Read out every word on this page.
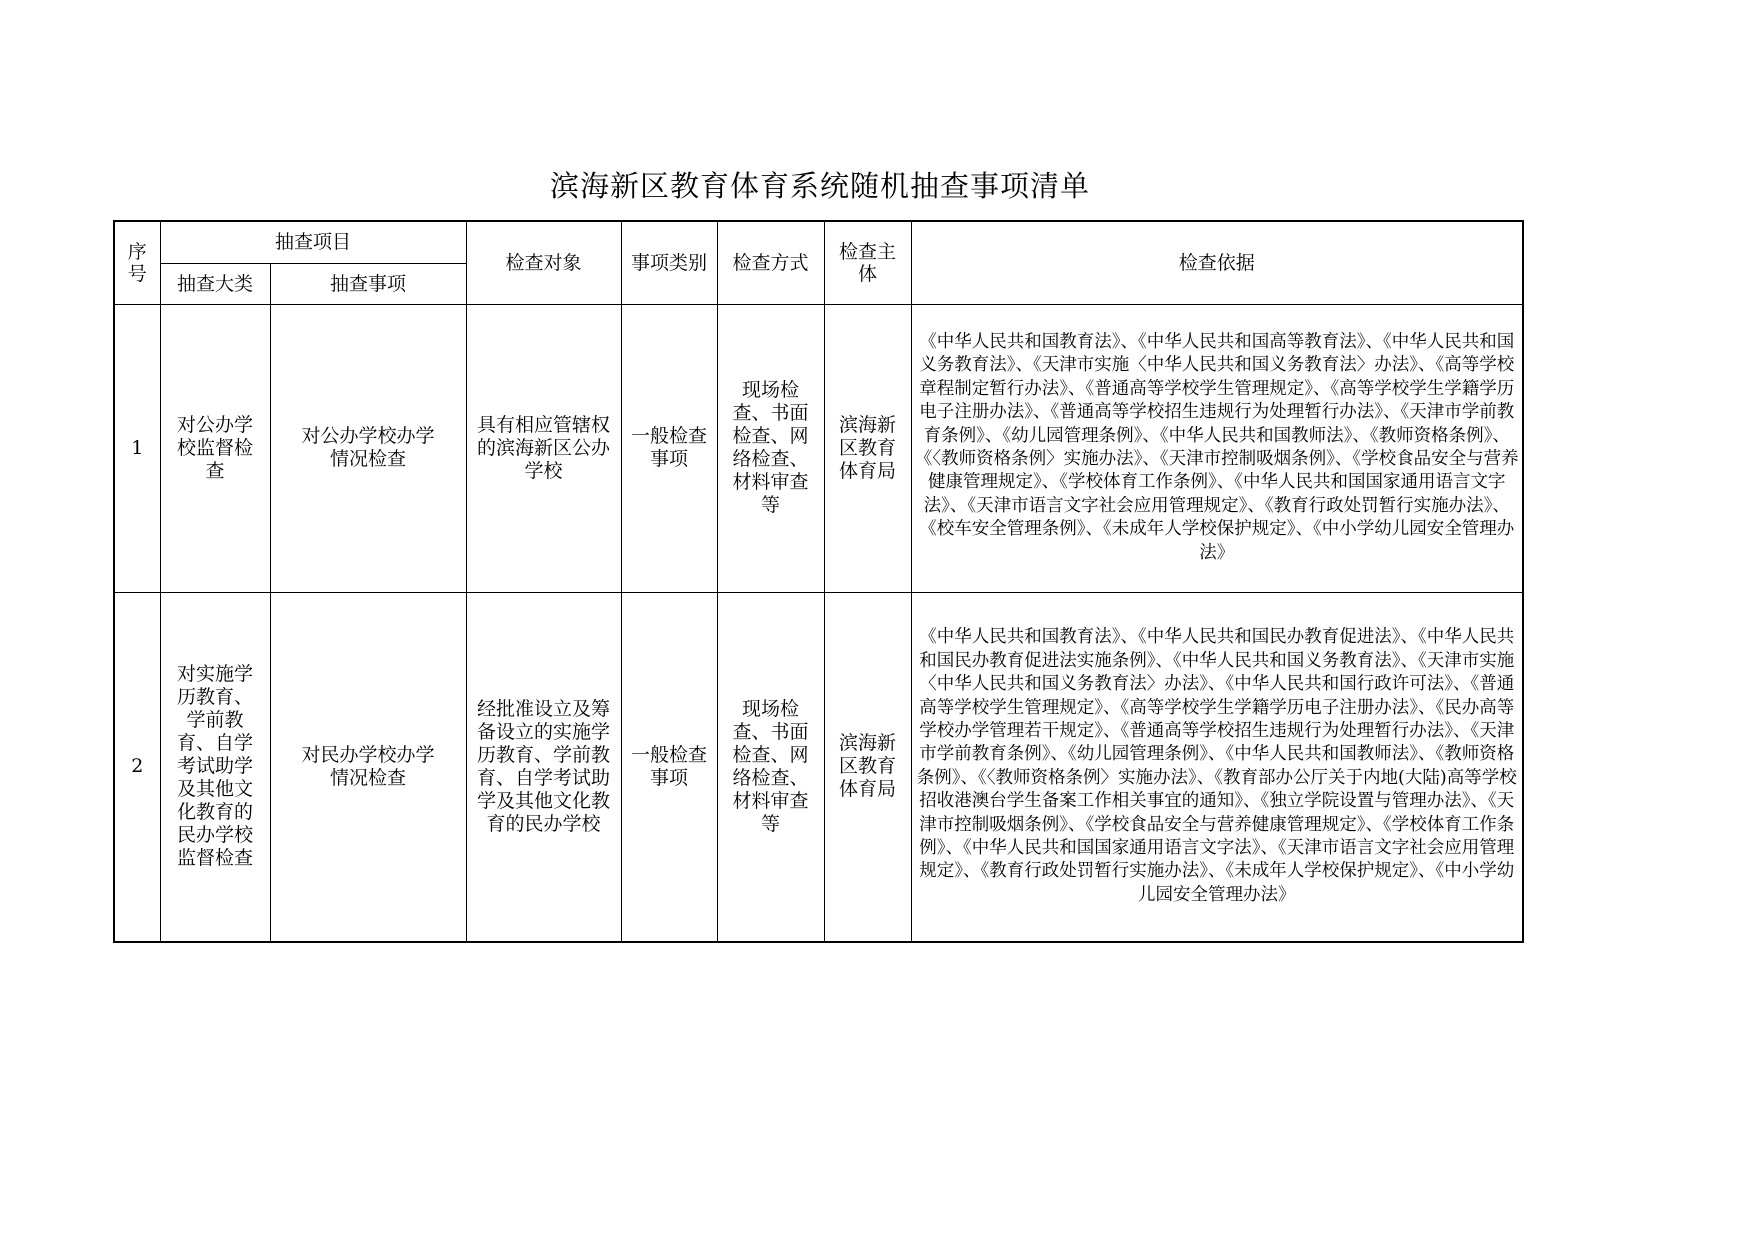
滨海新区教育体育系统随机抽查事项清单
序号	抽查项目		检查对象	事项类别	检查方式	检查主体	检查依据
	抽查大类	抽查事项					
1	对公办学校监督检查	对公办学校办学情况检查	具有相应管辖权的滨海新区公办学校	一般检查事项	现场检查、书面检查、网络检查、材料审查等	滨海新区教育体育局	《中华人民共和国教育法》、《中华人民共和国高等教育法》、《中华人民共和国义务教育法》、《天津市实施〈中华人民共和国义务教育法〉办法》、《高等学校章程制定暂行办法》、《普通高等学校学生管理规定》、《高等学校学生学籍学历电子注册办法》、《普通高等学校招生违规行为处理暂行办法》、《天津市学前教育条例》、《幼儿园管理条例》、《中华人民共和国教师法》、《教师资格条例》、《〈教师资格条例〉实施办法》、《天津市控制吸烟条例》、《学校食品安全与营养健康管理规定》、《学校体育工作条例》、《中华人民共和国国家通用语言文字法》、《天津市语言文字社会应用管理规定》、《教育行政处罚暂行实施办法》、《校车安全管理条例》、《未成年人学校保护规定》、《中小学幼儿园安全管理办法》
2	对实施学历教育、学前教育、自学考试助学及其他文化教育的民办学校监督检查	对民办学校办学情况检查	经批准设立及筹备设立的实施学历教育、学前教育、自学考试助学及其他文化教育的民办学校	一般检查事项	现场检查、书面检查、网络检查、材料审查等	滨海新区教育体育局	《中华人民共和国教育法》、《中华人民共和国民办教育促进法》、《中华人民共和国民办教育促进法实施条例》、《中华人民共和国义务教育法》、《天津市实施〈中华人民共和国义务教育法〉办法》、《中华人民共和国行政许可法》、《普通高等学校学生管理规定》、《高等学校学生学籍学历电子注册办法》、《民办高等学校办学管理若干规定》、《普通高等学校招生违规行为处理暂行办法》、《天津市学前教育条例》、《幼儿园管理条例》、《中华人民共和国教师法》、《教师资格条例》、《〈教师资格条例〉实施办法》、《教育部办公厅关于内地(大陆)高等学校招收港澳台学生备案工作相关事宜的通知》、《独立学院设置与管理办法》、《天津市控制吸烟条例》、《学校食品安全与营养健康管理规定》、《学校体育工作条例》、《中华人民共和国国家通用语言文字法》、《天津市语言文字社会应用管理规定》、《教育行政处罚暂行实施办法》、《未成年人学校保护规定》、《中小学幼儿园安全管理办法》
